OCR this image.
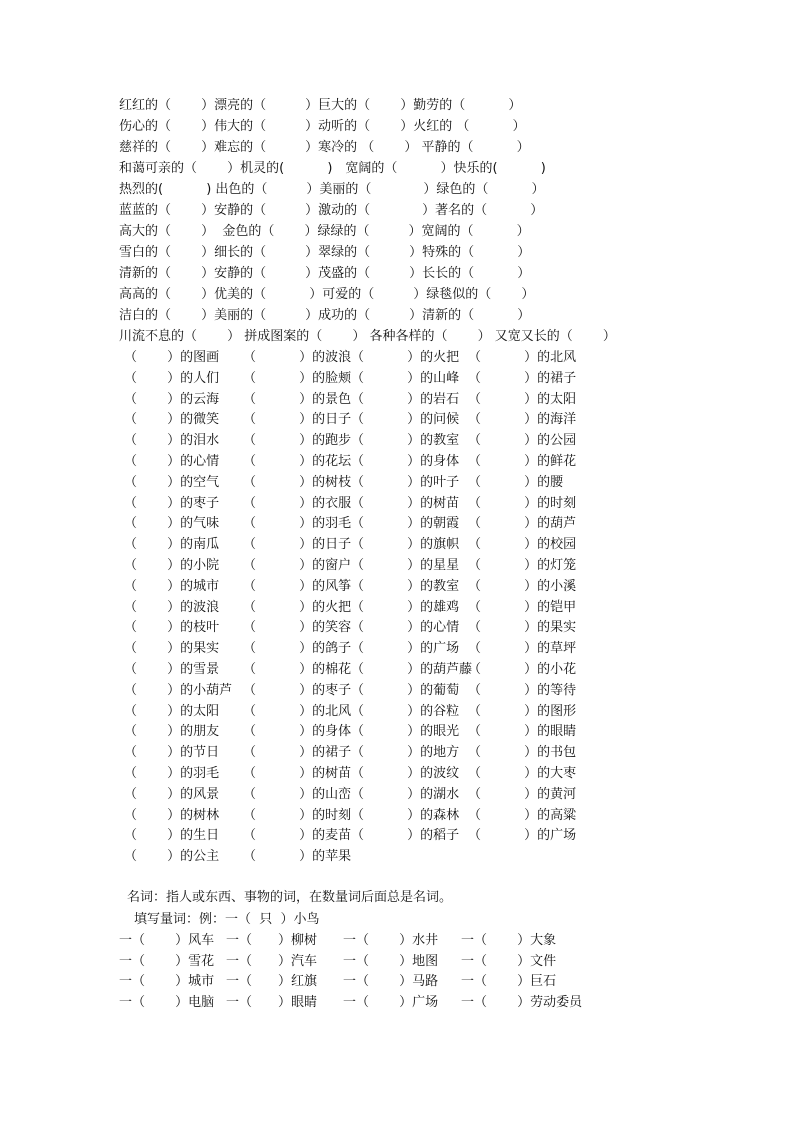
红红的（　　 ）漂亮的（　　　）巨大的（　　 ）勤劳的（　　　 ）
伤心的（　　 ）伟大的（　　　）动听的（　　 ）火红的 （　　　 ）
慈祥的（　　 ）难忘的（　　　）寒冷的 （　　 ） 平静的（　　　 ）
和蔼可亲的（　　 ）机灵的(　　　 )　宽阔的（　　　 ）快乐的(　　　 )
热烈的(　　　 ) 出色的（　　　）美丽的（　　　　）绿色的（　　　 ）
蓝蓝的（　　 ）安静的（　　　）激动的（　　　　）著名的（　　　 ）
高大的（　　 ）  金色的（　　 ）绿绿的（　　　）宽阔的（　　　 ）
雪白的（　　 ）细长的（　　　）翠绿的（　　　）特殊的（　　　 ）
清新的（　　 ）安静的（　　　）茂盛的（　　　）长长的（　　　 ）
高高的（　　 ）优美的（　　　 ）可爱的（　　　）绿毯似的（　　 ）
洁白的（　　 ）美丽的（　　　）成功的（　　　）清新的（　　　 ）
川流不息的（　　 ） 拼成图案的（　　 ） 各种各样的（　　 ） 又宽又长的（　　 ）
（　　 ）的图画 （　　　 ）的波浪 （　　　 ）的火把 （　　　 ）的北风
（　　 ）的人们 （　　　 ）的脸颊 （　　　 ）的山峰 （　　　 ）的裙子
（　　 ）的云海 （　　　 ）的景色 （　　　 ）的岩石 （　　　 ）的太阳
（　　 ）的微笑 （　　　 ）的日子 （　　　 ）的问候 （　　　 ）的海洋
（　　 ）的泪水 （　　　 ）的跑步 （　　　 ）的教室 （　　　 ）的公园
（　　 ）的心情 （　　　 ）的花坛 （　　　 ）的身体 （　　　 ）的鲜花
（　　 ）的空气 （　　　 ）的树枝 （　　　 ）的叶子 （　　　 ）的腰
（　　 ）的枣子 （　　　 ）的衣服 （　　　 ）的树苗 （　　　 ）的时刻
（　　 ）的气味 （　　　 ）的羽毛 （　　　 ）的朝霞 （　　　 ）的葫芦
（　　 ）的南瓜 （　　　 ）的日子 （　　　 ）的旗帜 （　　　 ）的校园
（　　 ）的小院 （　　　 ）的窗户 （　　　 ）的星星 （　　　 ）的灯笼
（　　 ）的城市 （　　　 ）的风筝 （　　　 ）的教室 （　　　 ）的小溪
（　　 ）的波浪 （　　　 ）的火把 （　　　 ）的雄鸡 （　　　 ）的铠甲
（　　 ）的枝叶 （　　　 ）的笑容 （　　　 ）的心情 （　　　 ）的果实
（　　 ）的果实 （　　　 ）的鸽子 （　　　 ）的广场 （　　　 ）的草坪
（　　 ）的雪景 （　　　 ）的棉花 （　　　 ）的葫芦藤
（　　　 ）的小花
（　　 ）的小葫芦 （　　　 ）的枣子 （　　　 ）的葡萄 （　　　 ）的等待
（　　 ）的太阳 （　　　 ）的北风 （　　　 ）的谷粒 （　　　 ）的图形
（　　 ）的朋友 （　　　 ）的身体 （　　　 ）的眼光 （　　　 ）的眼睛
（　　 ）的节日 （　　　 ）的裙子 （　　　 ）的地方 （　　　 ）的书包
（　　 ）的羽毛 （　　　 ）的树苗 （　　　 ）的波纹 （　　　 ）的大枣
（　　 ）的风景 （　　　 ）的山峦 （　　　 ）的湖水 （　　　 ）的黄河
（　　 ）的树林 （　　　 ）的时刻 （　　　 ）的森林 （　　　 ）的高粱
（　　 ）的生日 （　　　 ）的麦苗 （　　　 ）的稻子 （　　　 ）的广场
（　　 ）的公主 （　　　 ）的苹果
名词：指人或东西、事物的词，在数量词后面总是名词。
填写量词：例：一（  只  ）小鸟
一（　　 ）风车 一（　　）柳树 一（　　 ）水井 一（　　 ）大象
一（　　 ）雪花 一（　　）汽车 一（　　 ）地图 一（　　 ）文件
一（　　 ）城市 一（　　）红旗 一（　　 ）马路 一（　　 ）巨石
一（　　 ）电脑 一（　　）眼睛 一（　　 ）广场 一（　　 ）劳动委员
